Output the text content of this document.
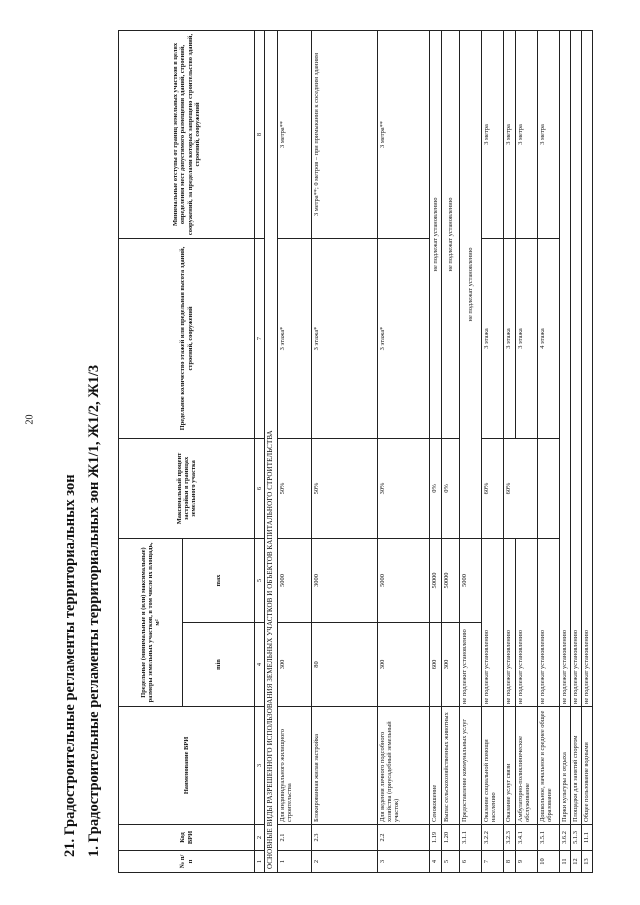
20
21. Градостроительные регламенты территориальных зон 1. Градостроительные регламенты территориальных зон Ж1/1, Ж1/2, Ж1/3
№ п/п	Код ВРИ	Наименование ВРИ	Предельные (минимальные и (или) максимальные) размеры земельных участков, в том числе их площадь, м²		Максимальный процент застройки в границах земельного участка	Предельное количество этажей или предельная высота зданий, строений, сооружений	Минимальные отступы от границ земельных участков в целях определения мест допустимого размещения зданий, строений, сооружений, за пределами которых запрещено строительство зданий, строений, сооружений
			min	max			
1	2	3	4	5	6	7	8
ОСНОВНЫЕ ВИДЫ РАЗРЕШЕННОГО ИСПОЛЬЗОВАНИЯ ЗЕМЕЛЬНЫХ УЧАСТКОВ И ОБЪЕКТОВ КАПИТАЛЬНОГО СТРОИТЕЛЬСТВА							
1	2.1	Для индивидуального жилищного строительства	300	5000	50%	3 этажа*	3 метра**
2	2.3	Блокированная жилая застройка	80	3000	50%	3 этажа*	3 метра**; 0 метров – при примыкании к соседним зданиям
3	2.2	Для ведения личного подсобного хозяйства (приусадебный земельный участок)	300	5000	30%	3 этажа*	3 метра**
4	1.19	Сенокошение	600	50000	0%	не подлежат установлению	
5	1.20	Выпас сельскохозяйственных животных	300	50000	0%	не подлежат установлению	
6	3.1.1	Предоставление коммунальных услуг	не подлежит установлению	5000	не подлежат установлению		
7	3.2.2	Оказание социальной помощи населению	не подлежат установлению		60%	3 этажа	3 метра
8	3.2.3	Оказание услуг связи	не подлежат установлению		60%	3 этажа	3 метра
9	3.4.1	Амбулаторно-поликлиническое обслуживание	не подлежат установлению			3 этажа	3 метра
10	3.5.1	Дошкольное, начальное и среднее общее образование	не подлежат установлению			4 этажа	3 метра
11	3.6.2	Парки культуры и отдыха	не подлежат установлению				
12	5.1.3	Площадки для занятий спортом	не подлежат установлению				
13	11.1	Общее пользование водными	не подлежат установлению				
